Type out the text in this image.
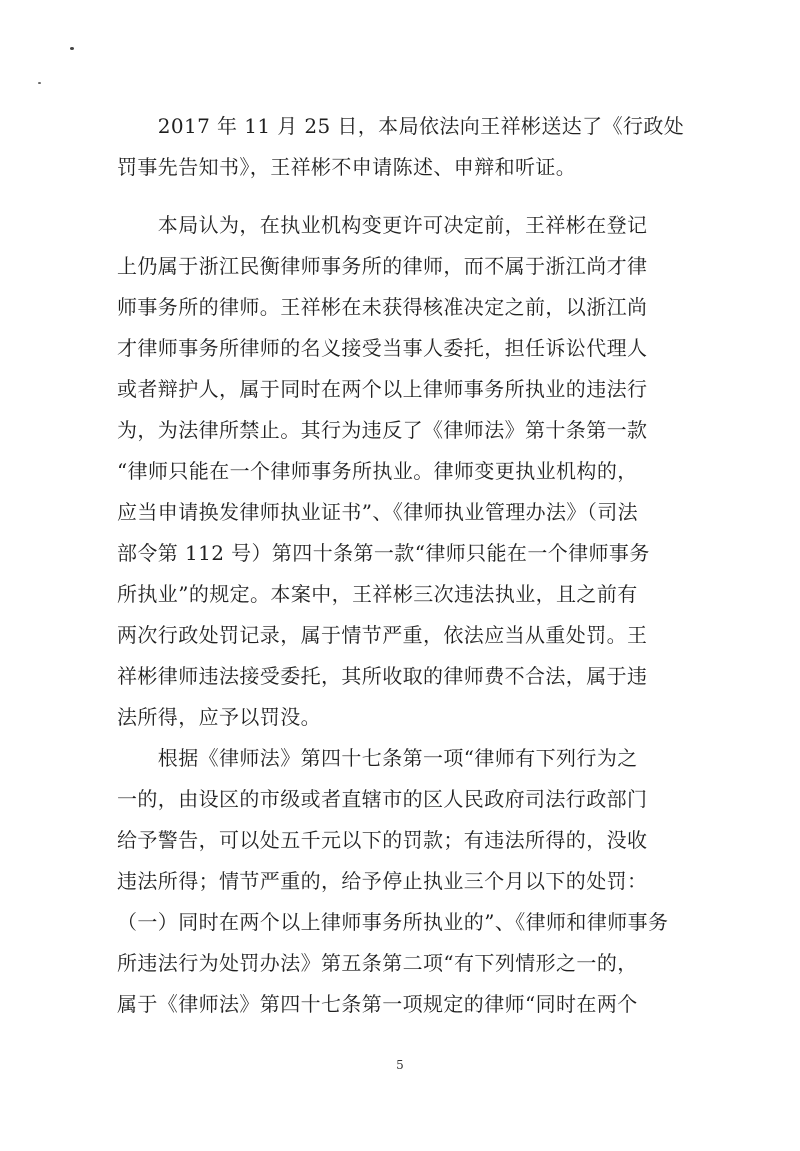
　　2017 年 11 月 25 日，本局依法向王祥彬送达了《行政处
罚事先告知书》，王祥彬不申请陈述、申辩和听证。
　　本局认为，在执业机构变更许可决定前，王祥彬在登记
上仍属于浙江民衡律师事务所的律师，而不属于浙江尚才律
师事务所的律师。王祥彬在未获得核准决定之前，以浙江尚
才律师事务所律师的名义接受当事人委托，担任诉讼代理人
或者辩护人，属于同时在两个以上律师事务所执业的违法行
为，为法律所禁止。其行为违反了《律师法》第十条第一款
“律师只能在一个律师事务所执业。律师变更执业机构的，
应当申请换发律师执业证书”、《律师执业管理办法》（司法
部令第 112 号）第四十条第一款“律师只能在一个律师事务
所执业”的规定。本案中，王祥彬三次违法执业，且之前有
两次行政处罚记录，属于情节严重，依法应当从重处罚。王
祥彬律师违法接受委托，其所收取的律师费不合法，属于违
法所得，应予以罚没。
　　根据《律师法》第四十七条第一项“律师有下列行为之
一的，由设区的市级或者直辖市的区人民政府司法行政部门
给予警告，可以处五千元以下的罚款；有违法所得的，没收
违法所得；情节严重的，给予停止执业三个月以下的处罚：
（一）同时在两个以上律师事务所执业的”、《律师和律师事务
所违法行为处罚办法》第五条第二项“有下列情形之一的，
属于《律师法》第四十七条第一项规定的律师“同时在两个
5
